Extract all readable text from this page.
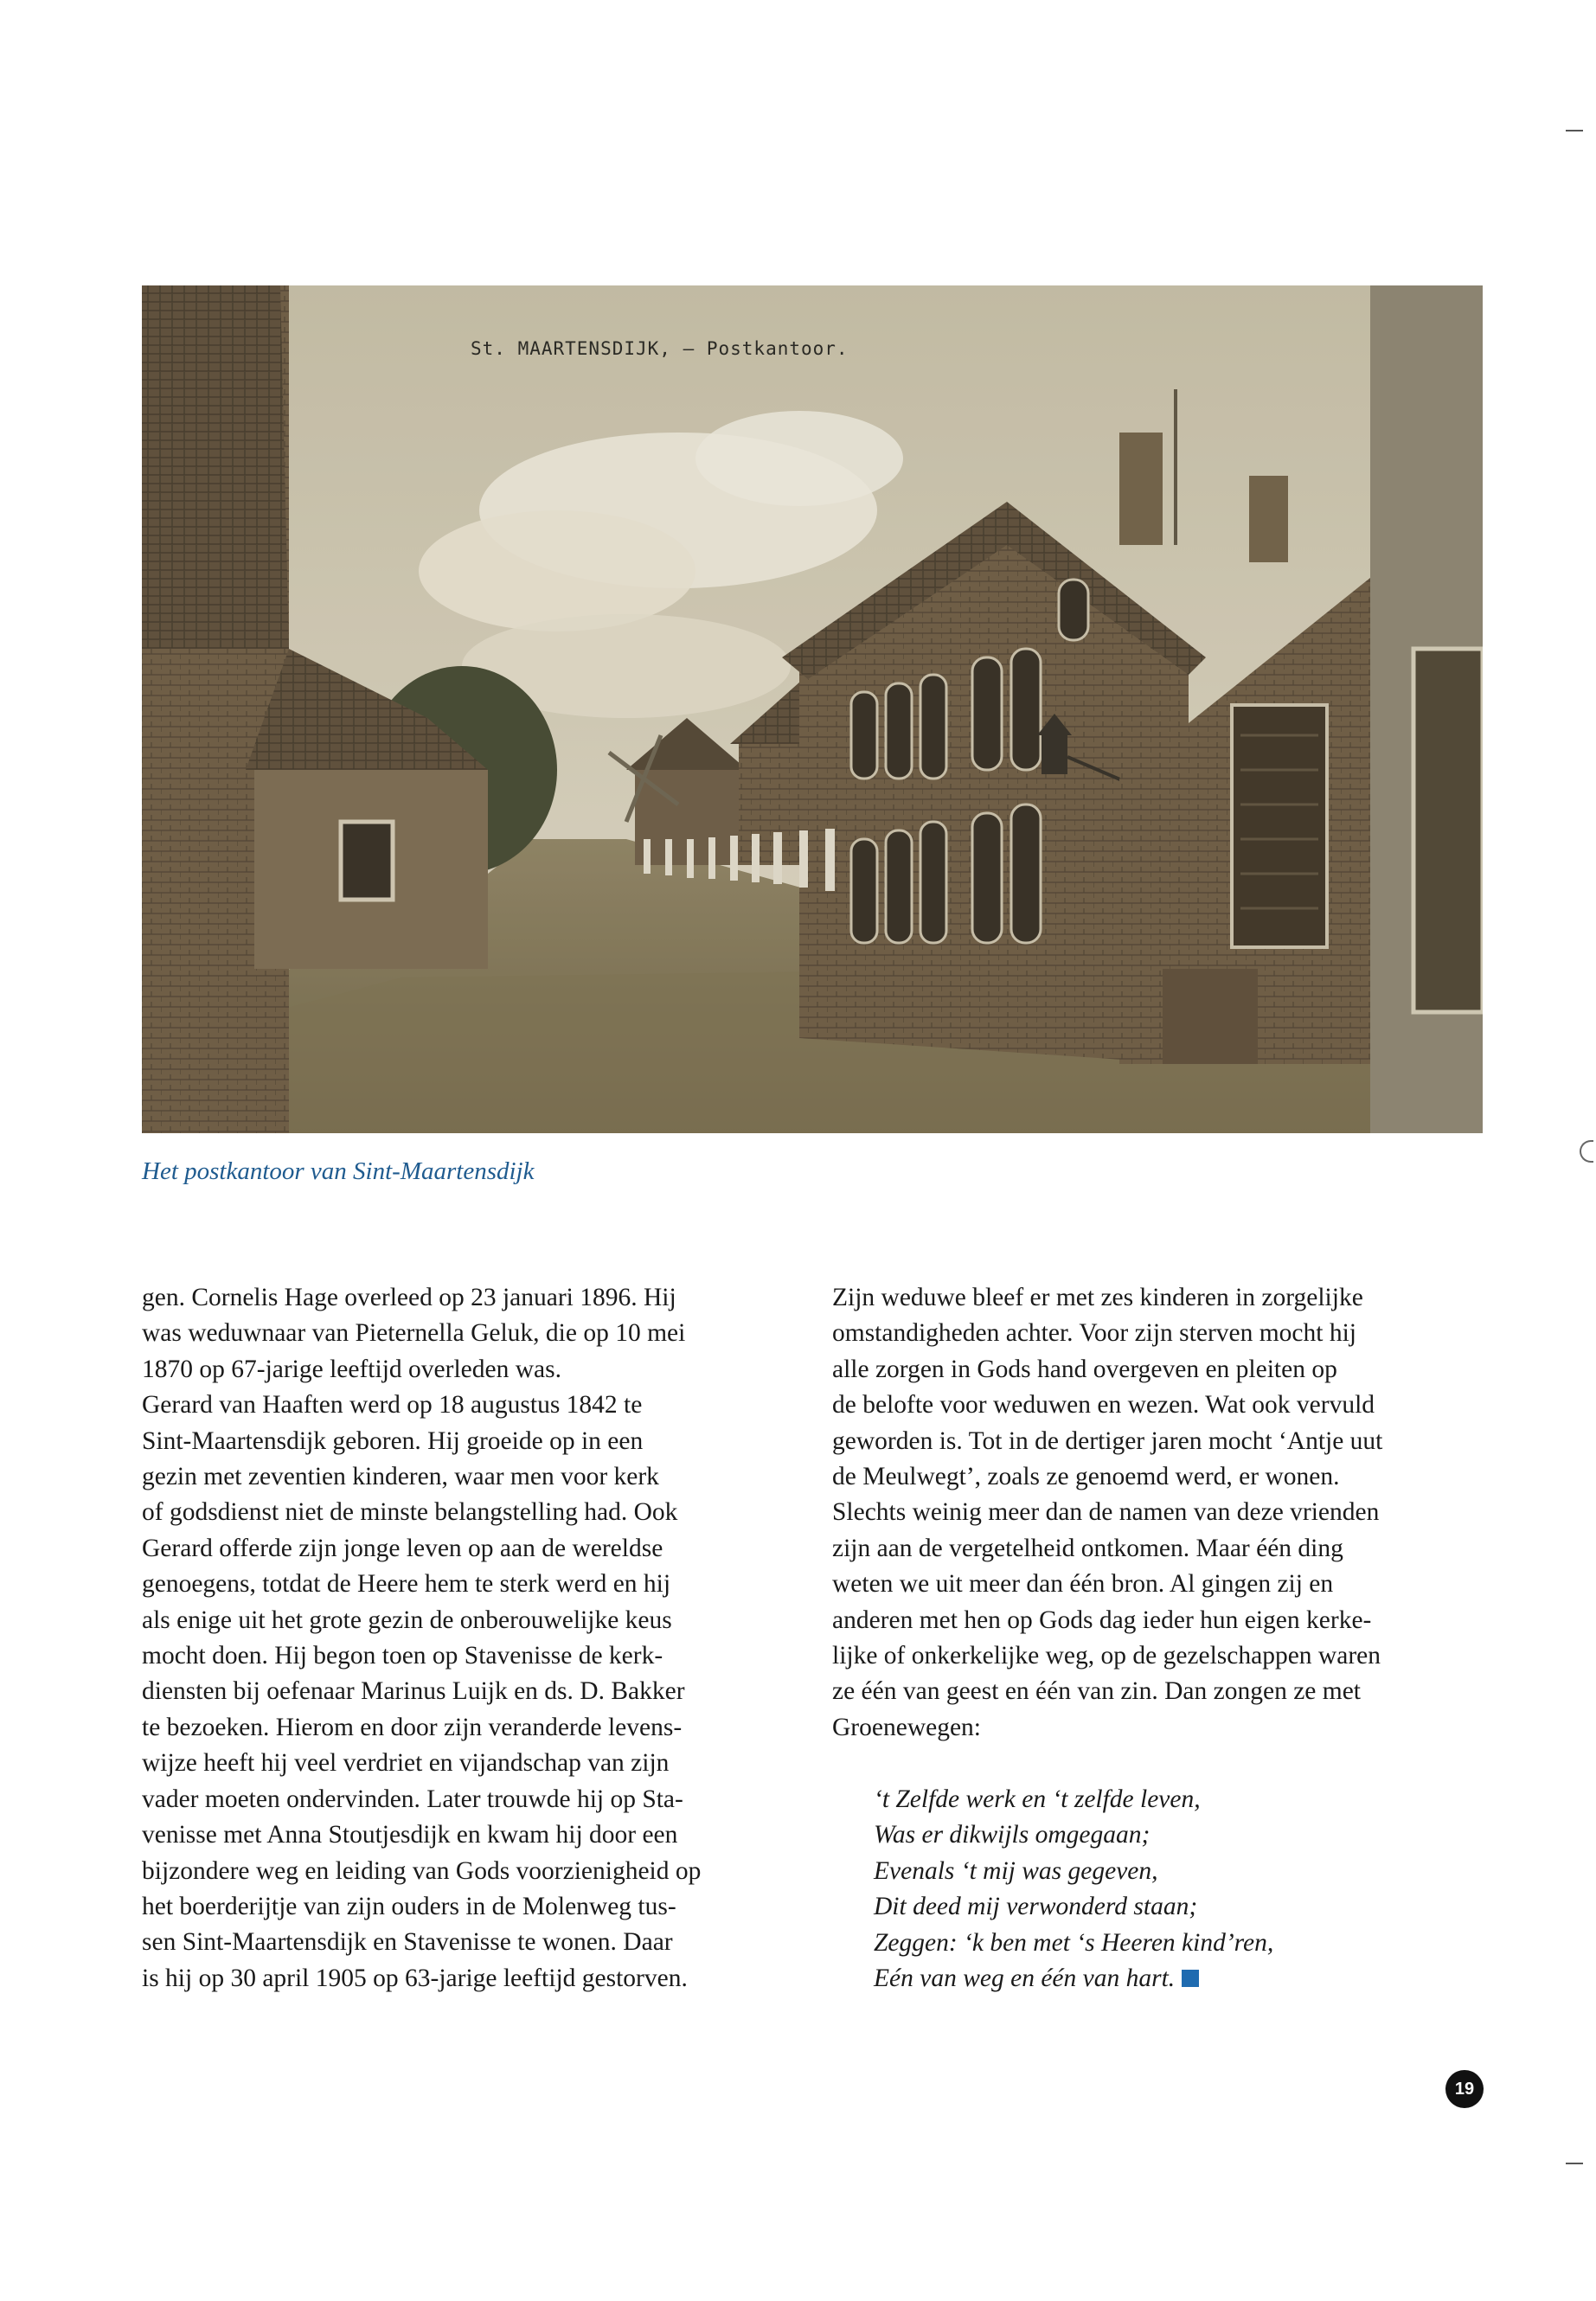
St. MAARTENSDIJK, — Postkantoor.
Het postkantoor van Sint-Maartensdijk
gen. Cornelis Hage overleed op 23 januari 1896. Hij
was weduwnaar van Pieternella Geluk, die op 10 mei
1870 op 67-jarige leeftijd overleden was.
Gerard van Haaften werd op 18 augustus 1842 te
Sint-Maartensdijk geboren. Hij groeide op in een
gezin met zeventien kinderen, waar men voor kerk
of godsdienst niet de minste belangstelling had. Ook
Gerard offerde zijn jonge leven op aan de wereldse
genoegens, totdat de Heere hem te sterk werd en hij
als enige uit het grote gezin de onberouwelijke keus
mocht doen. Hij begon toen op Stavenisse de kerk-
diensten bij oefenaar Marinus Luijk en ds. D. Bakker
te bezoeken. Hierom en door zijn veranderde levens-
wijze heeft hij veel verdriet en vijandschap van zijn
vader moeten ondervinden. Later trouwde hij op Sta-
venisse met Anna Stoutjesdijk en kwam hij door een
bijzondere weg en leiding van Gods voorzienigheid op
het boerderijtje van zijn ouders in de Molenweg tus-
sen Sint-Maartensdijk en Stavenisse te wonen. Daar
is hij op 30 april 1905 op 63-jarige leeftijd gestorven.
Zijn weduwe bleef er met zes kinderen in zorgelijke
omstandigheden achter. Voor zijn sterven mocht hij
alle zorgen in Gods hand overgeven en pleiten op
de belofte voor weduwen en wezen. Wat ook vervuld
geworden is. Tot in de dertiger jaren mocht ‘Antje uut
de Meulwegt’, zoals ze genoemd werd, er wonen.
Slechts weinig meer dan de namen van deze vrienden
zijn aan de vergetelheid ontkomen. Maar één ding
weten we uit meer dan één bron. Al gingen zij en
anderen met hen op Gods dag ieder hun eigen kerke-
lijke of onkerkelijke weg, op de gezelschappen waren
ze één van geest en één van zin. Dan zongen ze met
Groenewegen:
‘t Zelfde werk en ‘t zelfde leven,
Was er dikwijls omgegaan;
Evenals ‘t mij was gegeven,
Dit deed mij verwonderd staan;
Zeggen: ‘k ben met ‘s Heeren kind’ren,
Eén van weg en één van hart.
19
